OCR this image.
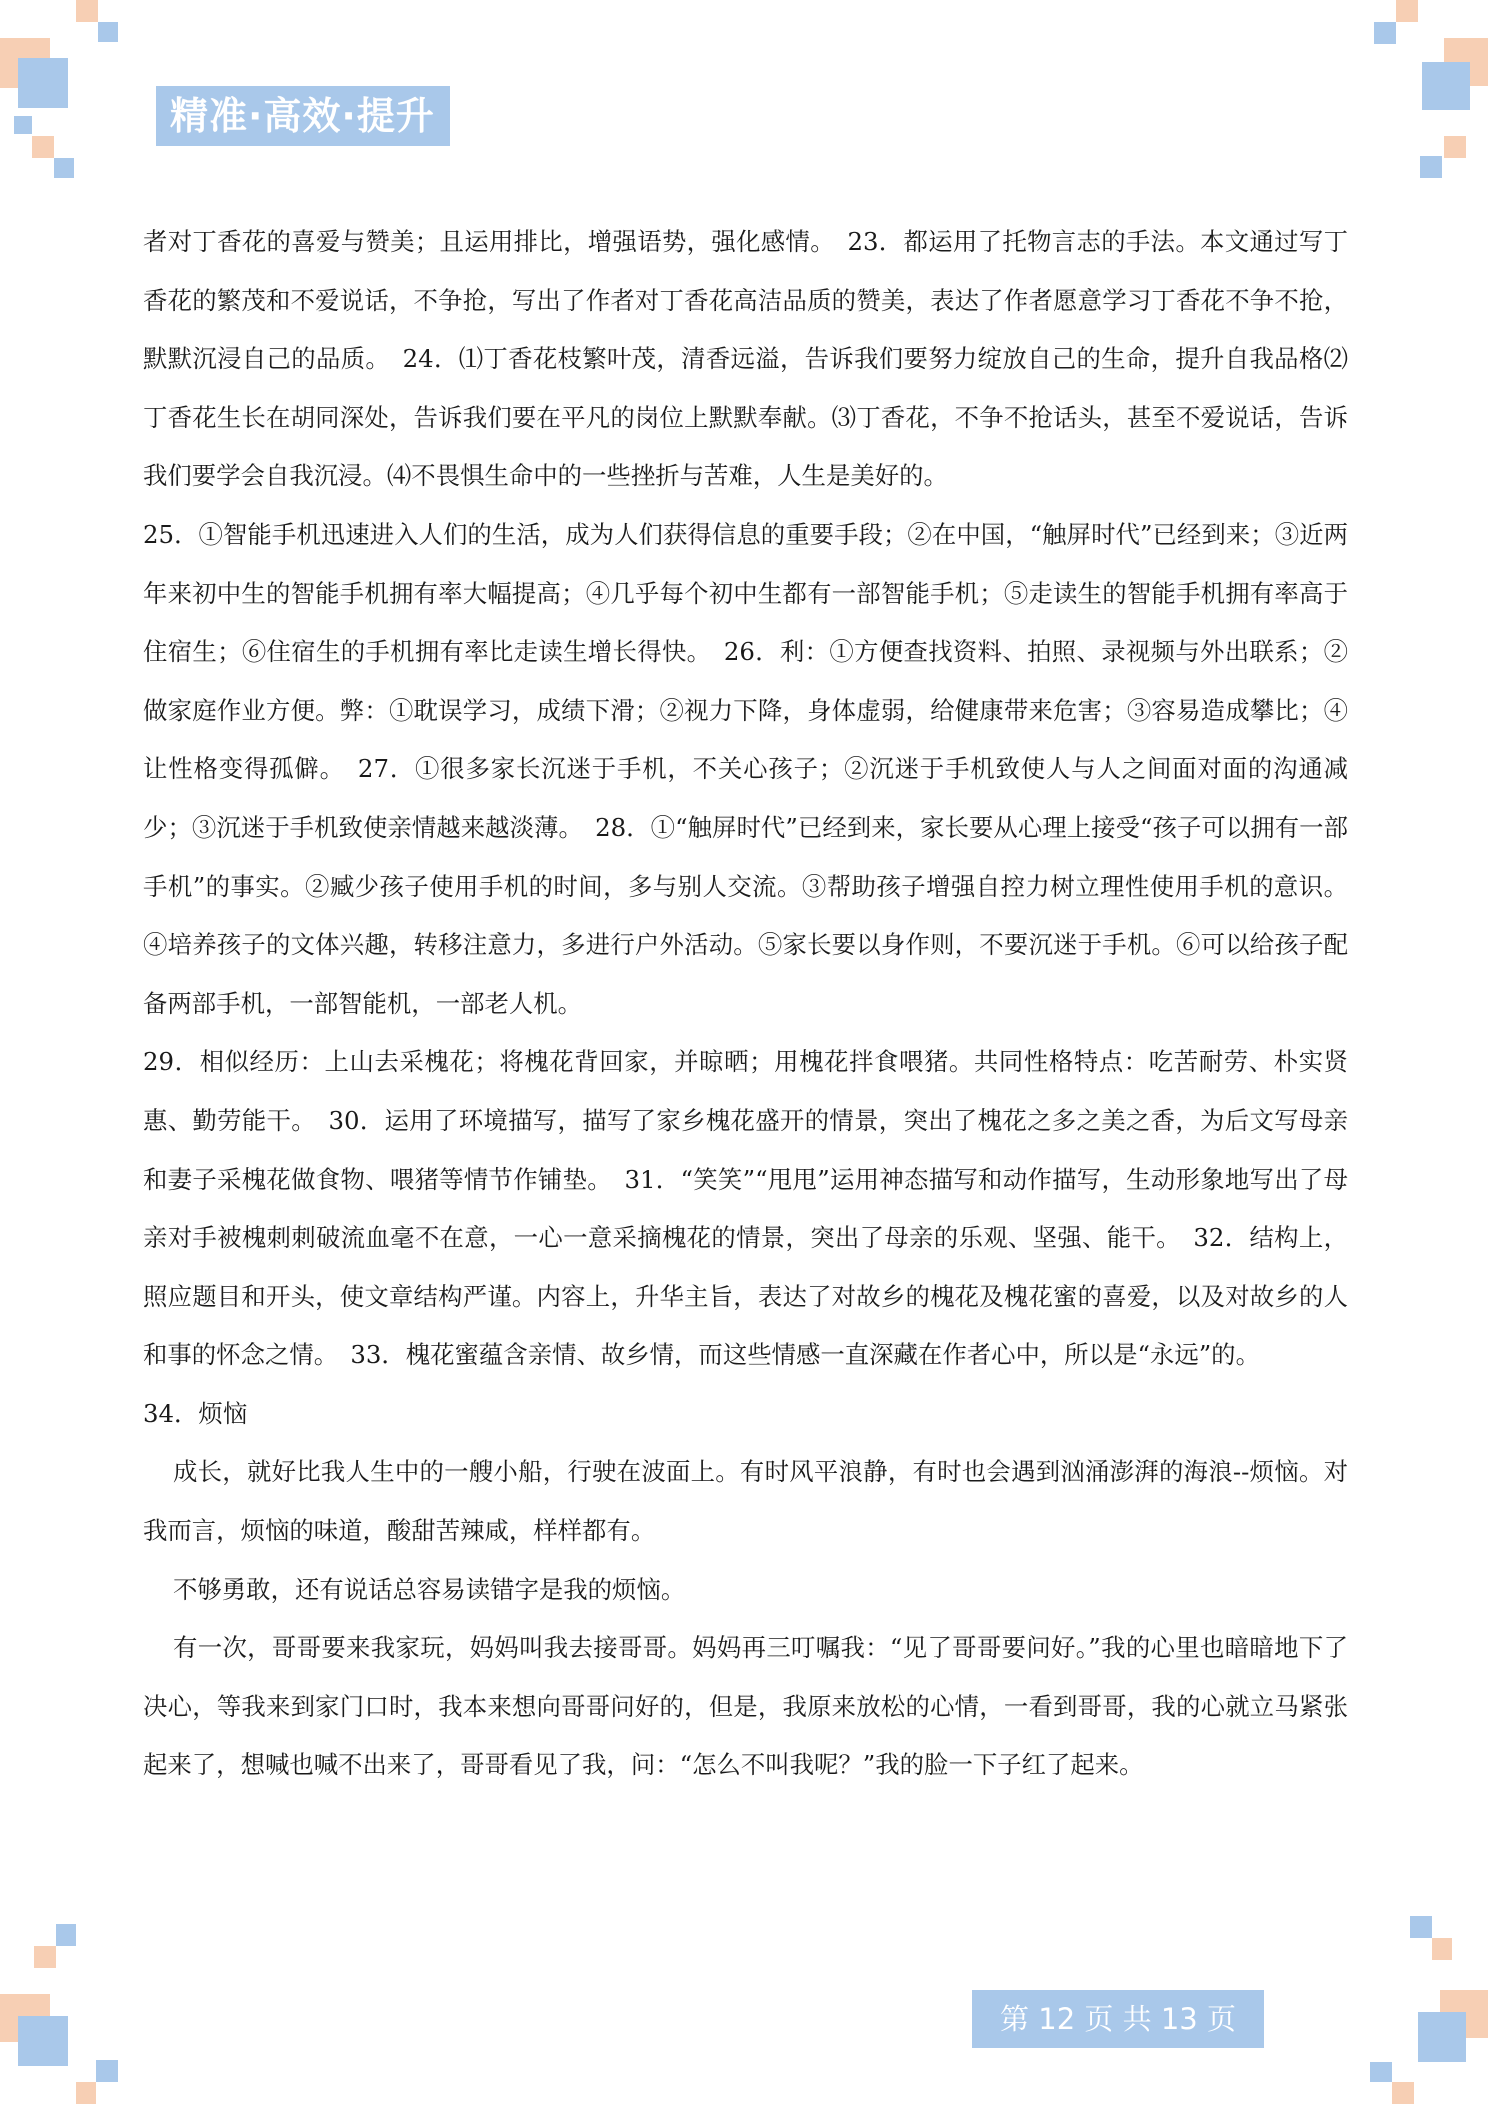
精准·高效·提升

者对丁香花的喜爱与赞美；且运用排比，增强语势，强化感情。　23．都运用了托物言志的手法。本文通过写丁香花的繁茂和不爱说话，不争抢，写出了作者对丁香花高洁品质的赞美，表达了作者愿意学习丁香花不争不抢，默默沉浸自己的品质。　24．⑴丁香花枝繁叶茂，清香远溢，告诉我们要努力绽放自己的生命，提升自我品格⑵丁香花生长在胡同深处，告诉我们要在平凡的岗位上默默奉献。⑶丁香花，不争不抢话头，甚至不爱说话，告诉我们要学会自我沉浸。⑷不畏惧生命中的一些挫折与苦难，人生是美好的。

25．①智能手机迅速进入人们的生活，成为人们获得信息的重要手段；②在中国，“触屏时代”已经到来；③近两年来初中生的智能手机拥有率大幅提高；④几乎每个初中生都有一部智能手机；⑤走读生的智能手机拥有率高于住宿生；⑥住宿生的手机拥有率比走读生增长得快。　26．利：①方便查找资料、拍照、录视频与外出联系；②做家庭作业方便。弊：①耽误学习，成绩下滑；②视力下降，身体虚弱，给健康带来危害；③容易造成攀比；④让性格变得孤僻。　27．①很多家长沉迷于手机，不关心孩子；②沉迷于手机致使人与人之间面对面的沟通减少；③沉迷于手机致使亲情越来越淡薄。　28．①“触屏时代”已经到来，家长要从心理上接受“孩子可以拥有一部手机”的事实。②臧少孩子使用手机的时间，多与别人交流。③帮助孩子增强自控力树立理性使用手机的意识。④培养孩子的文体兴趣，转移注意力，多进行户外活动。⑤家长要以身作则，不要沉迷于手机。⑥可以给孩子配备两部手机，一部智能机，一部老人机。

29．相似经历：上山去采槐花；将槐花背回家，并晾晒；用槐花拌食喂猪。共同性格特点：吃苦耐劳、朴实贤惠、勤劳能干。　30．运用了环境描写，描写了家乡槐花盛开的情景，突出了槐花之多之美之香，为后文写母亲和妻子采槐花做食物、喂猪等情节作铺垫。　31．“笑笑”“甩甩”运用神态描写和动作描写，生动形象地写出了母亲对手被槐刺刺破流血毫不在意，一心一意采摘槐花的情景，突出了母亲的乐观、坚强、能干。　32．结构上，照应题目和开头，使文章结构严谨。内容上，升华主旨，表达了对故乡的槐花及槐花蜜的喜爱，以及对故乡的人和事的怀念之情。　33．槐花蜜蕴含亲情、故乡情，而这些情感一直深藏在作者心中，所以是“永远”的。

34．烦恼

成长，就好比我人生中的一艘小船，行驶在波面上。有时风平浪静，有时也会遇到汹涌澎湃的海浪--烦恼。对我而言，烦恼的味道，酸甜苦辣咸，样样都有。

不够勇敢，还有说话总容易读错字是我的烦恼。

有一次，哥哥要来我家玩，妈妈叫我去接哥哥。妈妈再三叮嘱我：“见了哥哥要问好。”我的心里也暗暗地下了决心，等我来到家门口时，我本来想向哥哥问好的，但是，我原来放松的心情，一看到哥哥，我的心就立马紧张起来了，想喊也喊不出来了，哥哥看见了我，问：“怎么不叫我呢？”我的脸一下子红了起来。

第 12 页 共 13 页
